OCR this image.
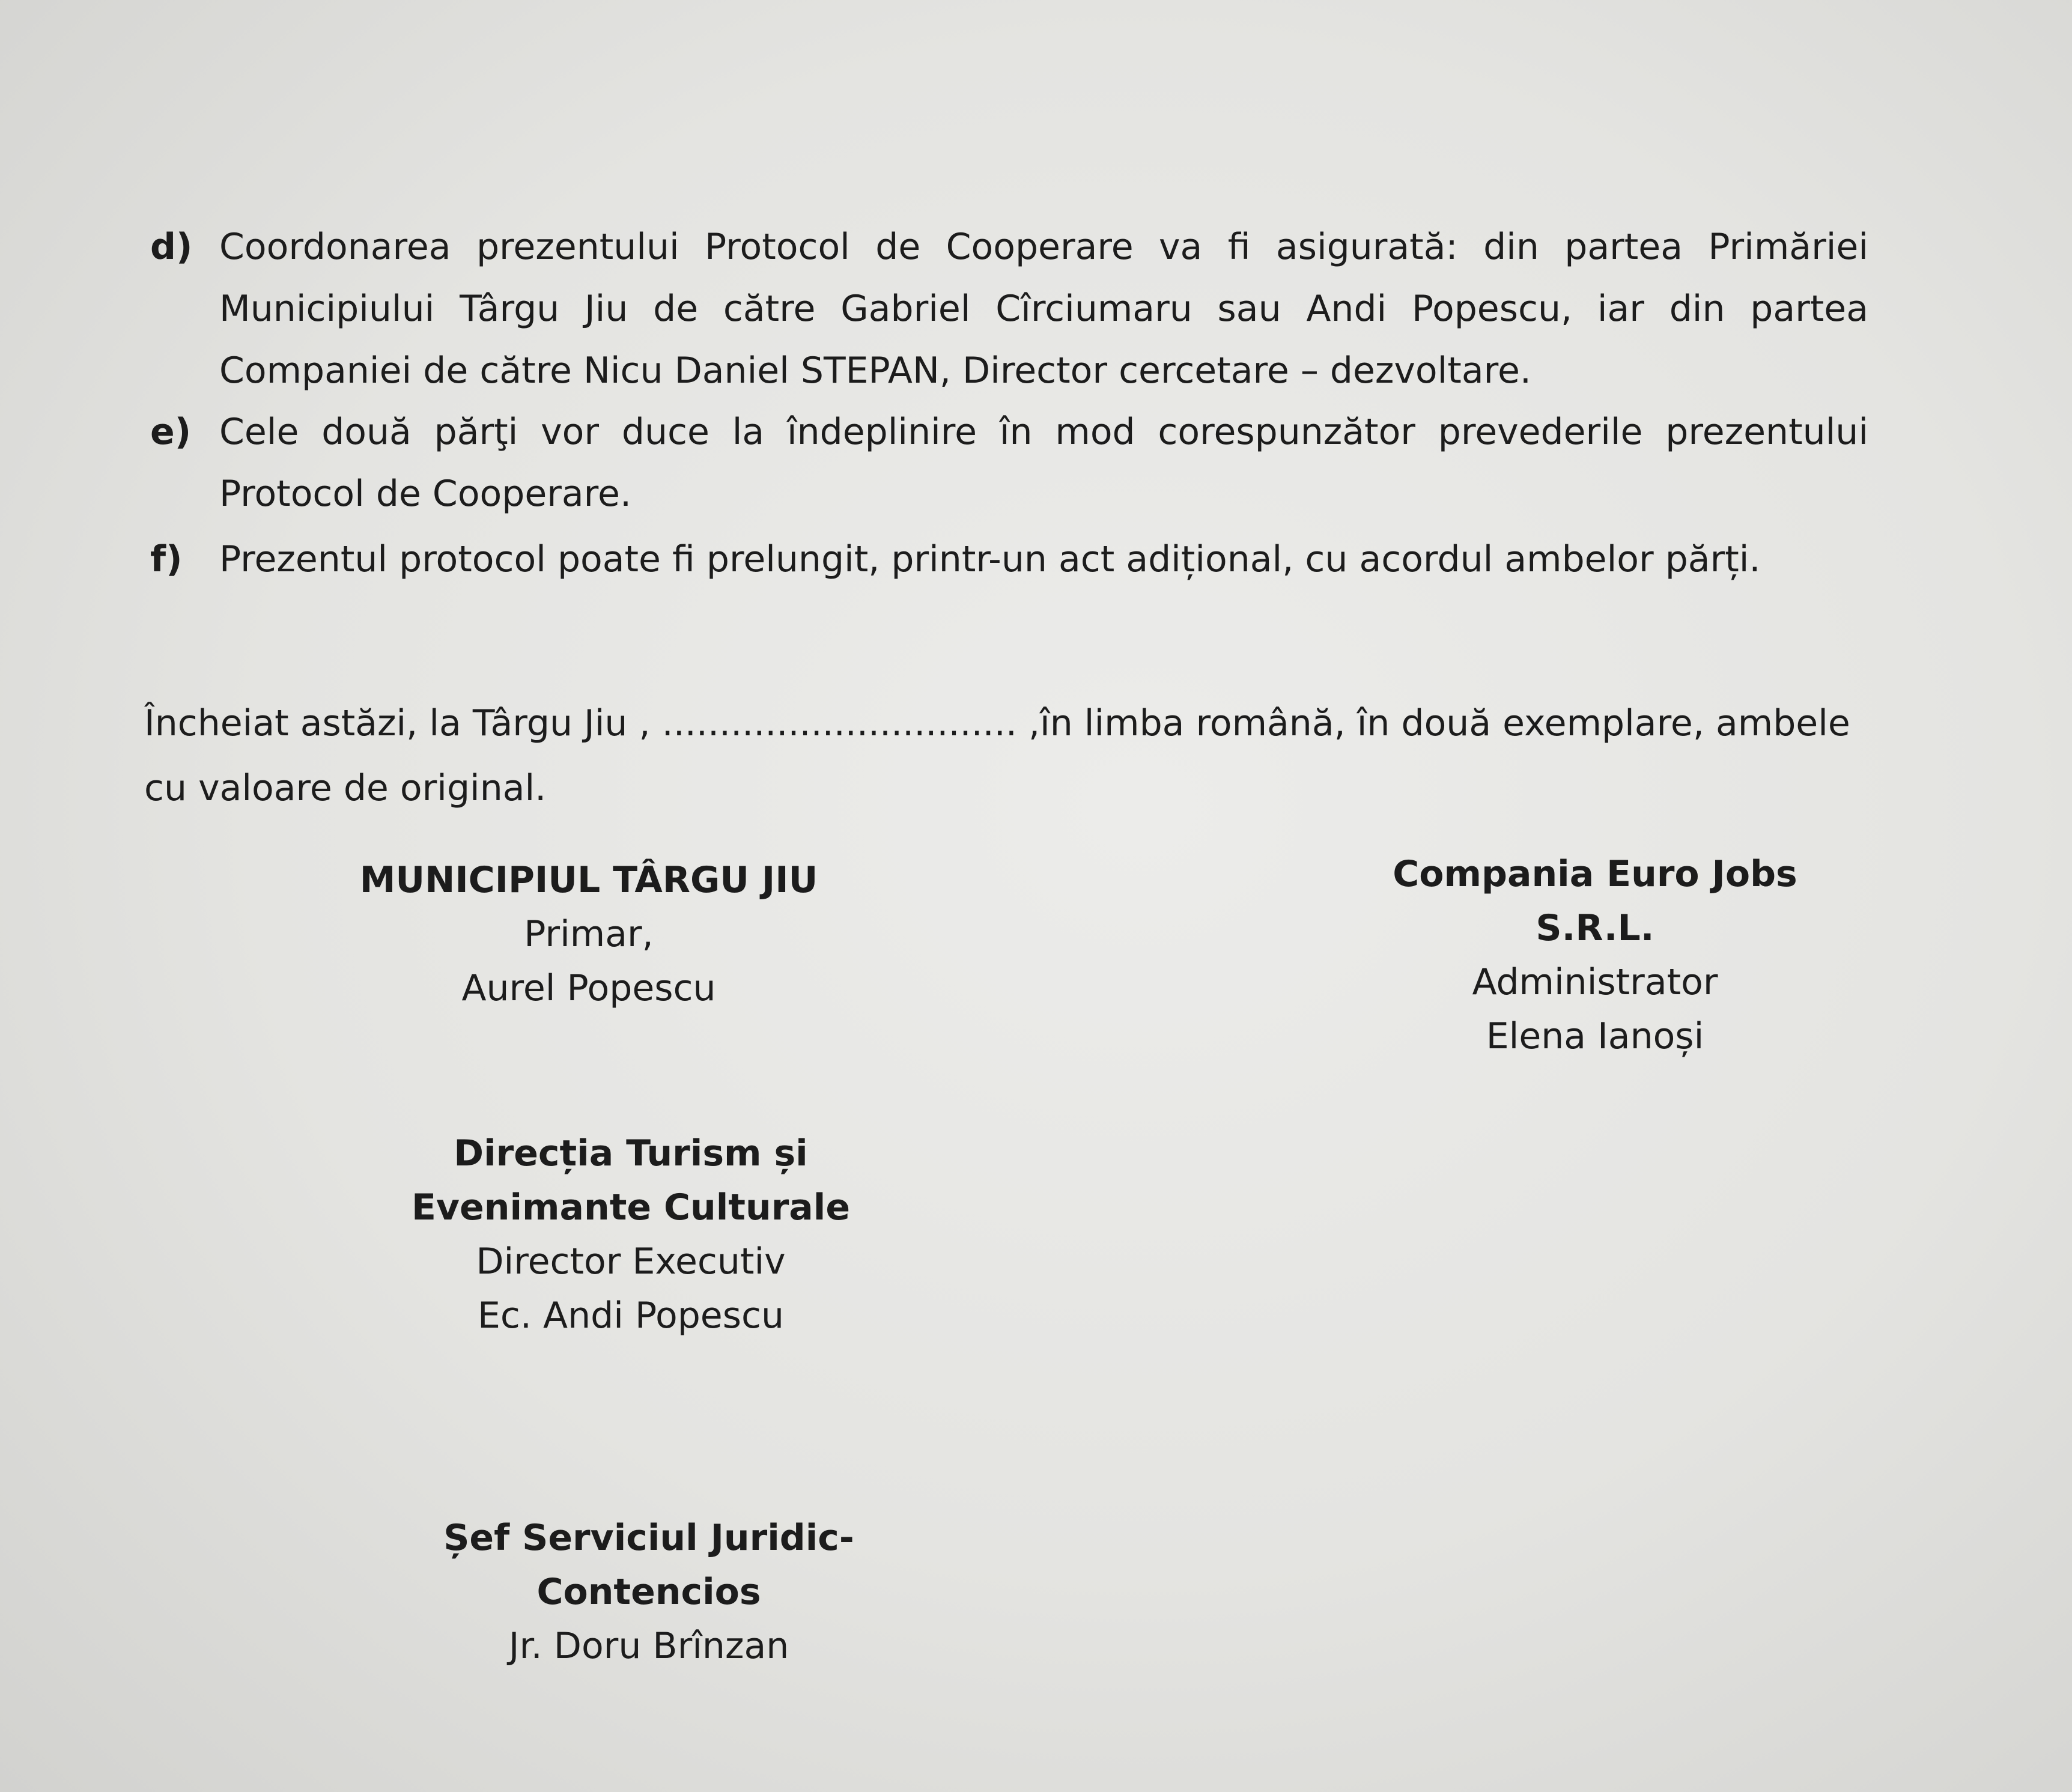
d) Coordonarea prezentului Protocol de Cooperare va fi asigurată: din partea Primăriei Municipiului Târgu Jiu de către Gabriel Cîrciumaru sau Andi Popescu, iar din partea Companiei de către Nicu Daniel STEPAN, Director cercetare – dezvoltare.
e) Cele două părţi vor duce la îndeplinire în mod corespunzător prevederile prezentului Protocol de Cooperare.
f) Prezentul protocol poate fi prelungit, printr-un act adițional, cu acordul ambelor părți.
Încheiat astăzi, la Târgu Jiu , ............................... ,în limba română, în două exemplare, ambele cu valoare de original.
MUNICIPIUL TÂRGU JIU
Primar,
Aurel Popescu
Compania Euro Jobs S.R.L.
Administrator
Elena Ianoși
Direcția Turism și
Evenimante Culturale
Director Executiv
Ec. Andi Popescu
Șef Serviciul Juridic-Contencios
Jr. Doru Brînzan
